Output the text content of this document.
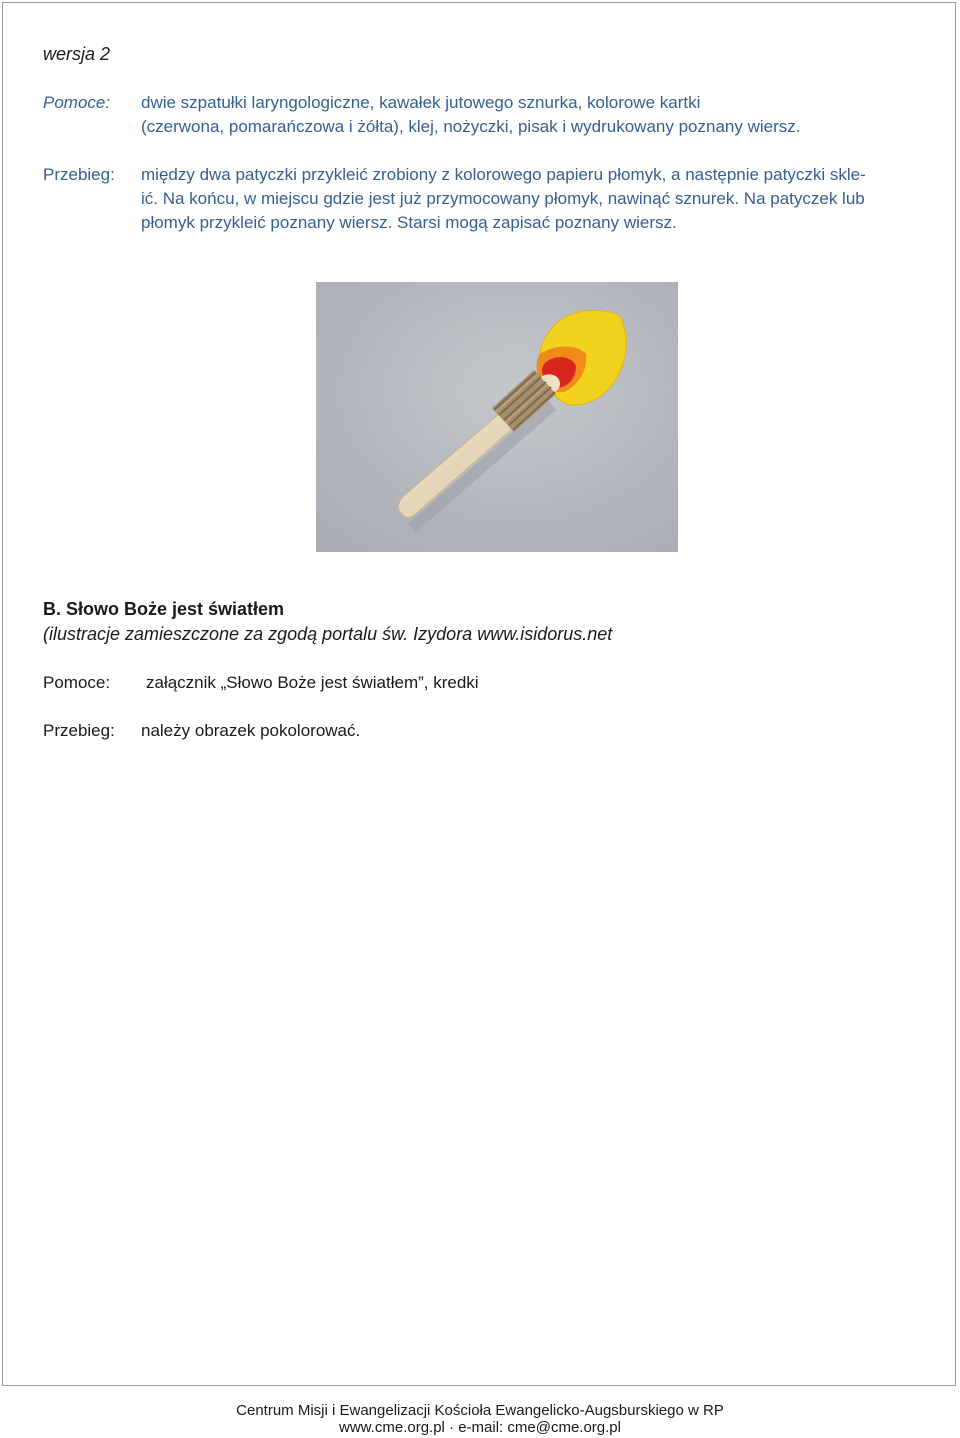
wersja 2
Pomoce:	dwie szpatułki laryngologiczne, kawałek jutowego sznurka, kolorowe kartki
(czerwona, pomarańczowa i żółta), klej, nożyczki, pisak i wydrukowany poznany wiersz.
Przebieg:	między dwa patyczki przykleić zrobiony z kolorowego papieru płomyk, a następnie patyczki skle-
ić. Na końcu, w miejscu gdzie jest już przymocowany płomyk, nawinąć sznurek. Na patyczek lub
płomyk przykleić poznany wiersz. Starsi mogą zapisać poznany wiersz.
B. Słowo Boże jest światłem
(ilustracje zamieszczone za zgodą portalu św. Izydora www.isidorus.net
Pomoce:	załącznik „Słowo Boże jest światłem”, kredki
Przebieg:	należy obrazek pokolorować.
Centrum Misji i Ewangelizacji Kościoła Ewangelicko-Augsburskiego w RP
www.cme.org.pl · e-mail: cme@cme.org.pl
